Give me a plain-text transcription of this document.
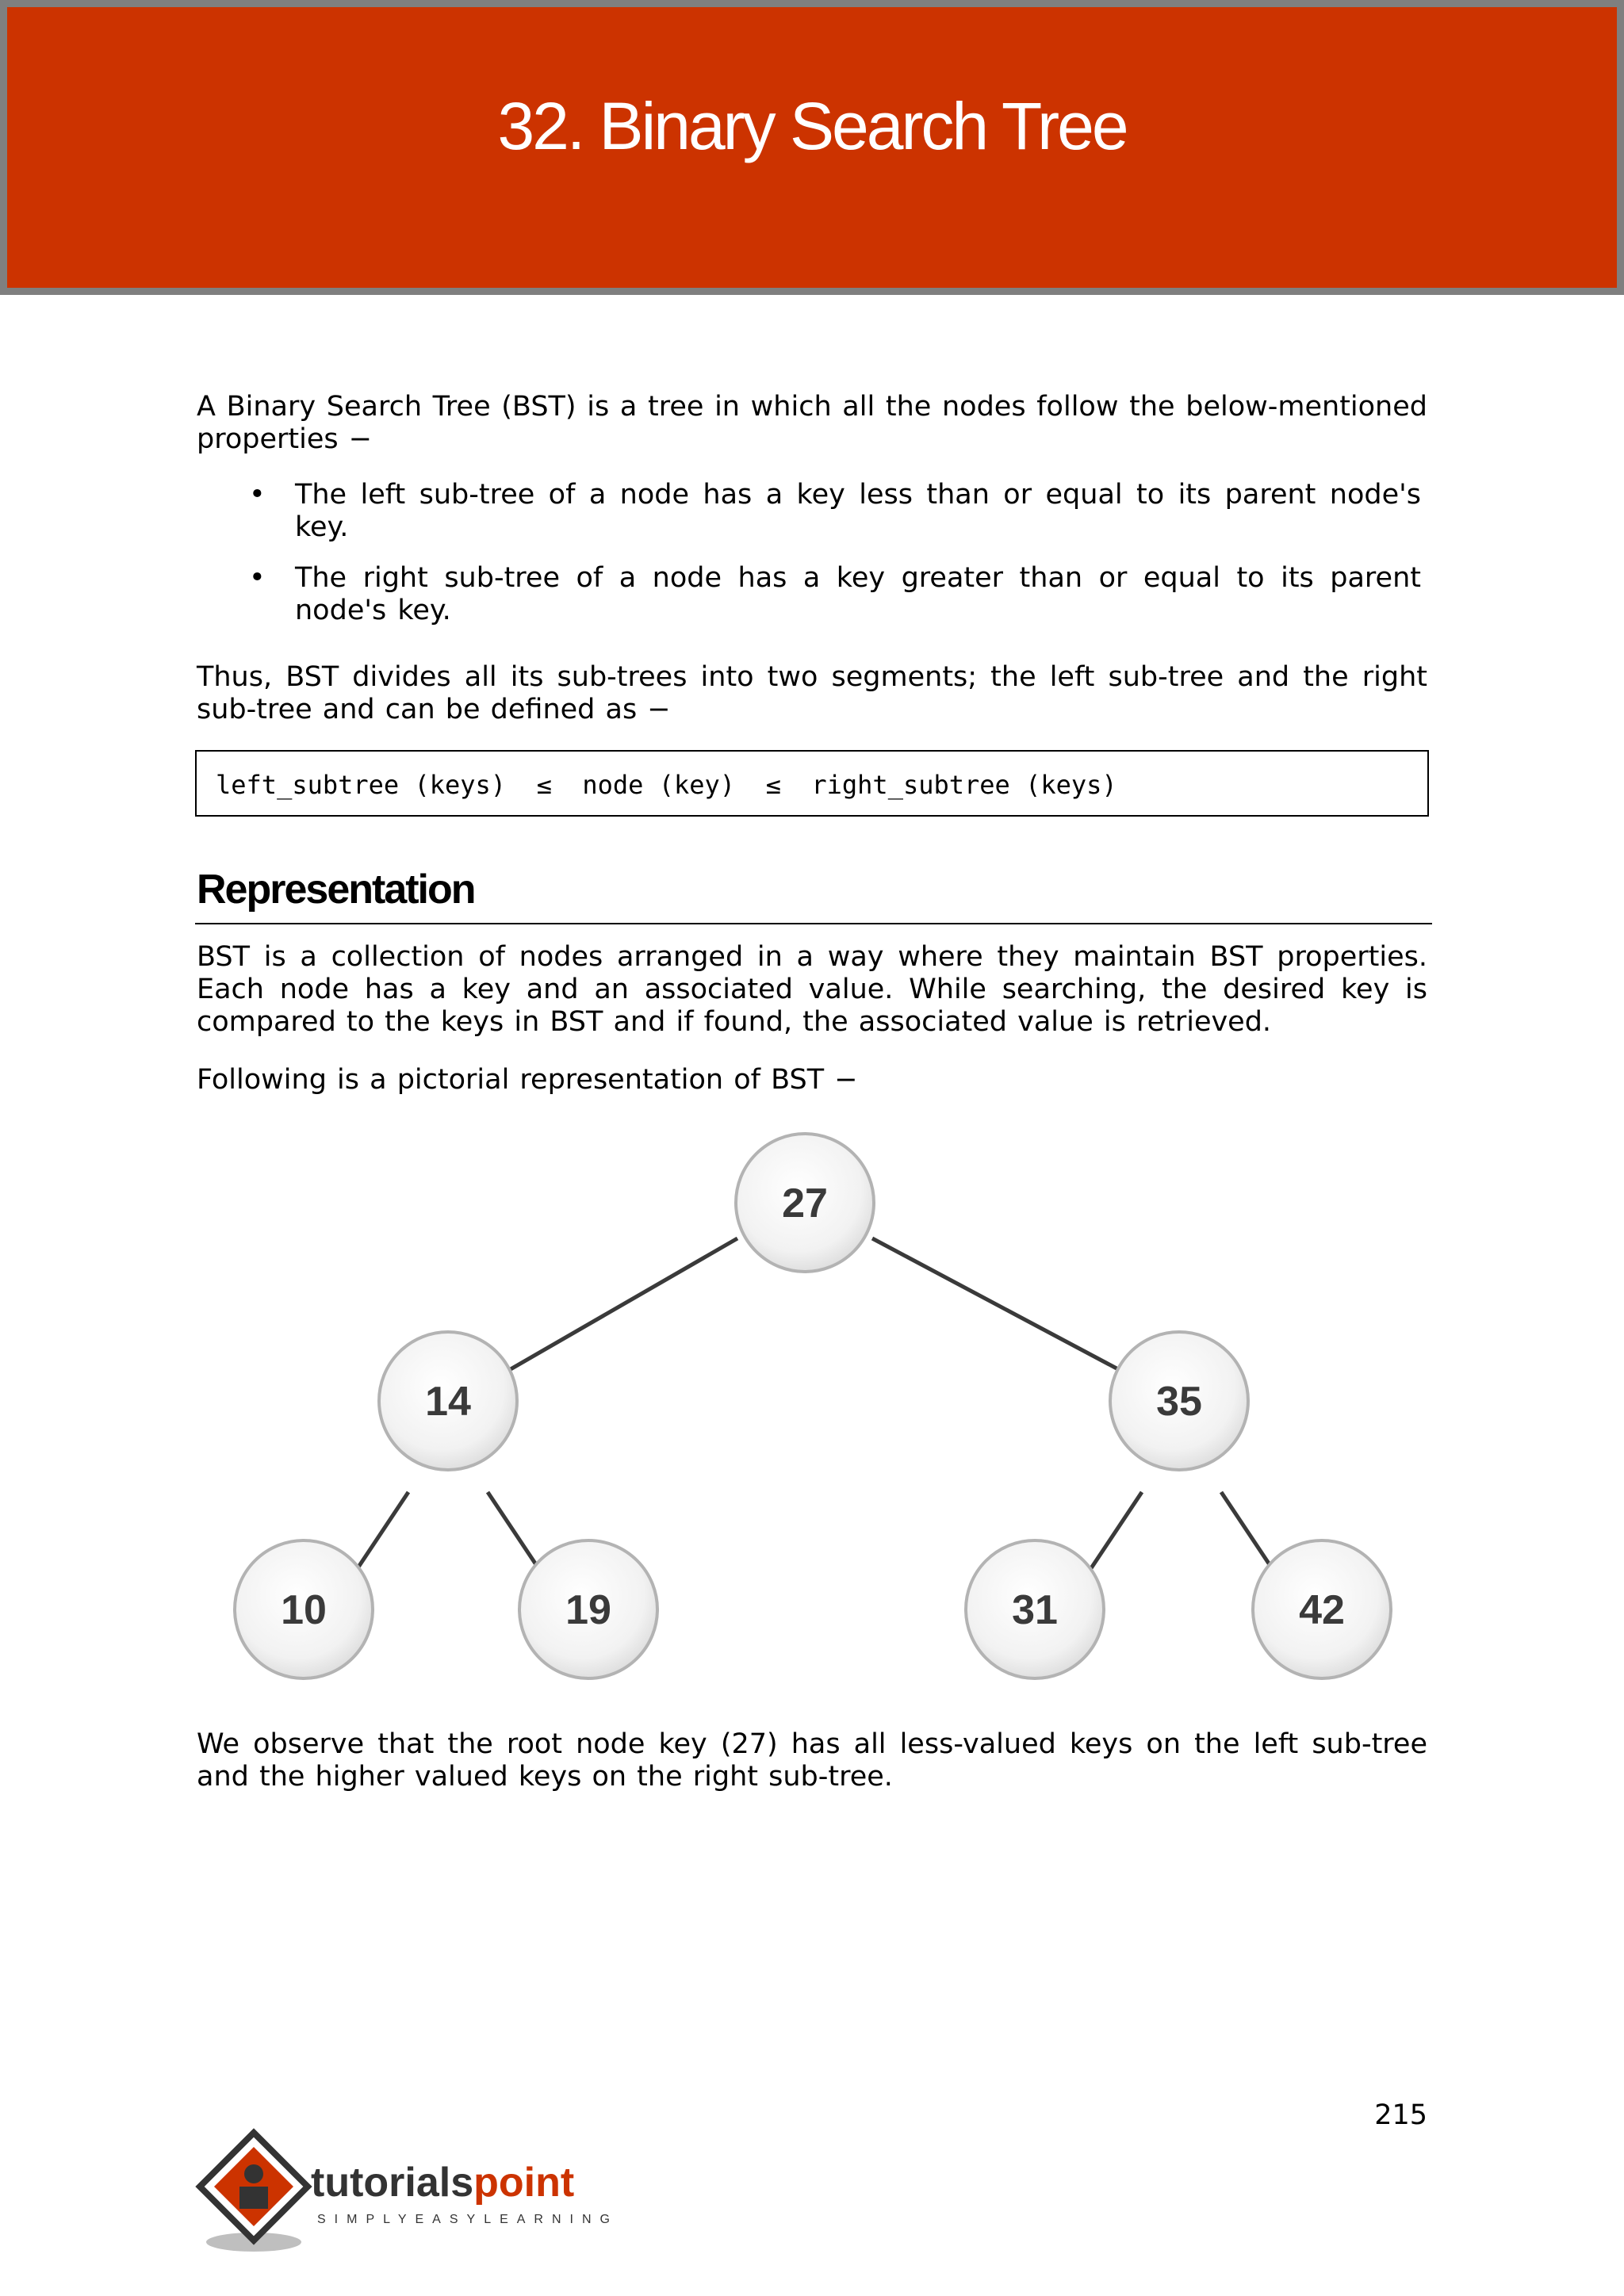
32. Binary Search Tree

A Binary Search Tree (BST) is a tree in which all the nodes follow the below-mentioned properties −

•	The left sub-tree of a node has a key less than or equal to its parent node's key.
•	The right sub-tree of a node has a key greater than or equal to its parent node's key.

Thus, BST divides all its sub-trees into two segments; the left sub-tree and the right sub-tree and can be defined as −

left_subtree (keys)  ≤  node (key)  ≤  right_subtree (keys)
Representation

BST is a collection of nodes arranged in a way where they maintain BST properties. Each node has a key and an associated value. While searching, the desired key is compared to the keys in BST and if found, the associated value is retrieved.

Following is a pictorial representation of BST −

27
14	35
10	19	31	42

We observe that the root node key (27) has all less-valued keys on the left sub-tree and the higher valued keys on the right sub-tree.

215
tutorialspoint
SIMPLYEASYLEARNING
